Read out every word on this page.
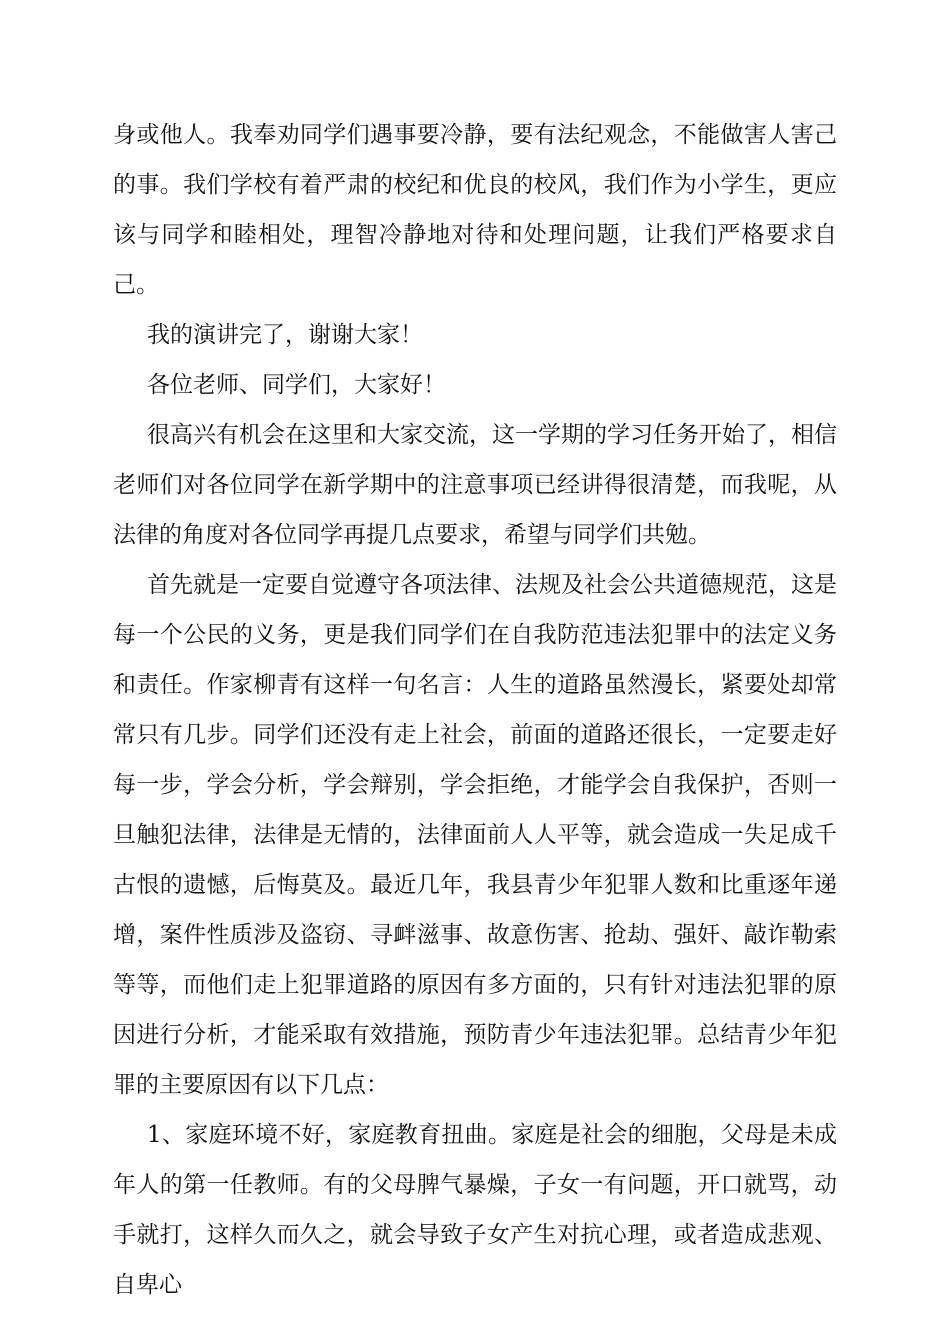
身或他人。我奉劝同学们遇事要冷静，要有法纪观念，不能做害人害己的事。我们学校有着严肃的校纪和优良的校风，我们作为小学生，更应该与同学和睦相处，理智冷静地对待和处理问题，让我们严格要求自己。

我的演讲完了，谢谢大家！

各位老师、同学们，大家好！

很高兴有机会在这里和大家交流，这一学期的学习任务开始了，相信老师们对各位同学在新学期中的注意事项已经讲得很清楚，而我呢，从法律的角度对各位同学再提几点要求，希望与同学们共勉。

首先就是一定要自觉遵守各项法律、法规及社会公共道德规范，这是每一个公民的义务，更是我们同学们在自我防范违法犯罪中的法定义务和责任。作家柳青有这样一句名言：人生的道路虽然漫长，紧要处却常常只有几步。同学们还没有走上社会，前面的道路还很长，一定要走好每一步，学会分析，学会辩别，学会拒绝，才能学会自我保护，否则一旦触犯法律，法律是无情的，法律面前人人平等，就会造成一失足成千古恨的遗憾，后悔莫及。最近几年，我县青少年犯罪人数和比重逐年递增，案件性质涉及盗窃、寻衅滋事、故意伤害、抢劫、强奸、敲诈勒索等等，而他们走上犯罪道路的原因有多方面的，只有针对违法犯罪的原因进行分析，才能采取有效措施，预防青少年违法犯罪。总结青少年犯罪的主要原因有以下几点：

1、家庭环境不好，家庭教育扭曲。家庭是社会的细胞，父母是未成年人的第一任教师。有的父母脾气暴燥，子女一有问题，开口就骂，动手就打，这样久而久之，就会导致子女产生对抗心理，或者造成悲观、自卑心
